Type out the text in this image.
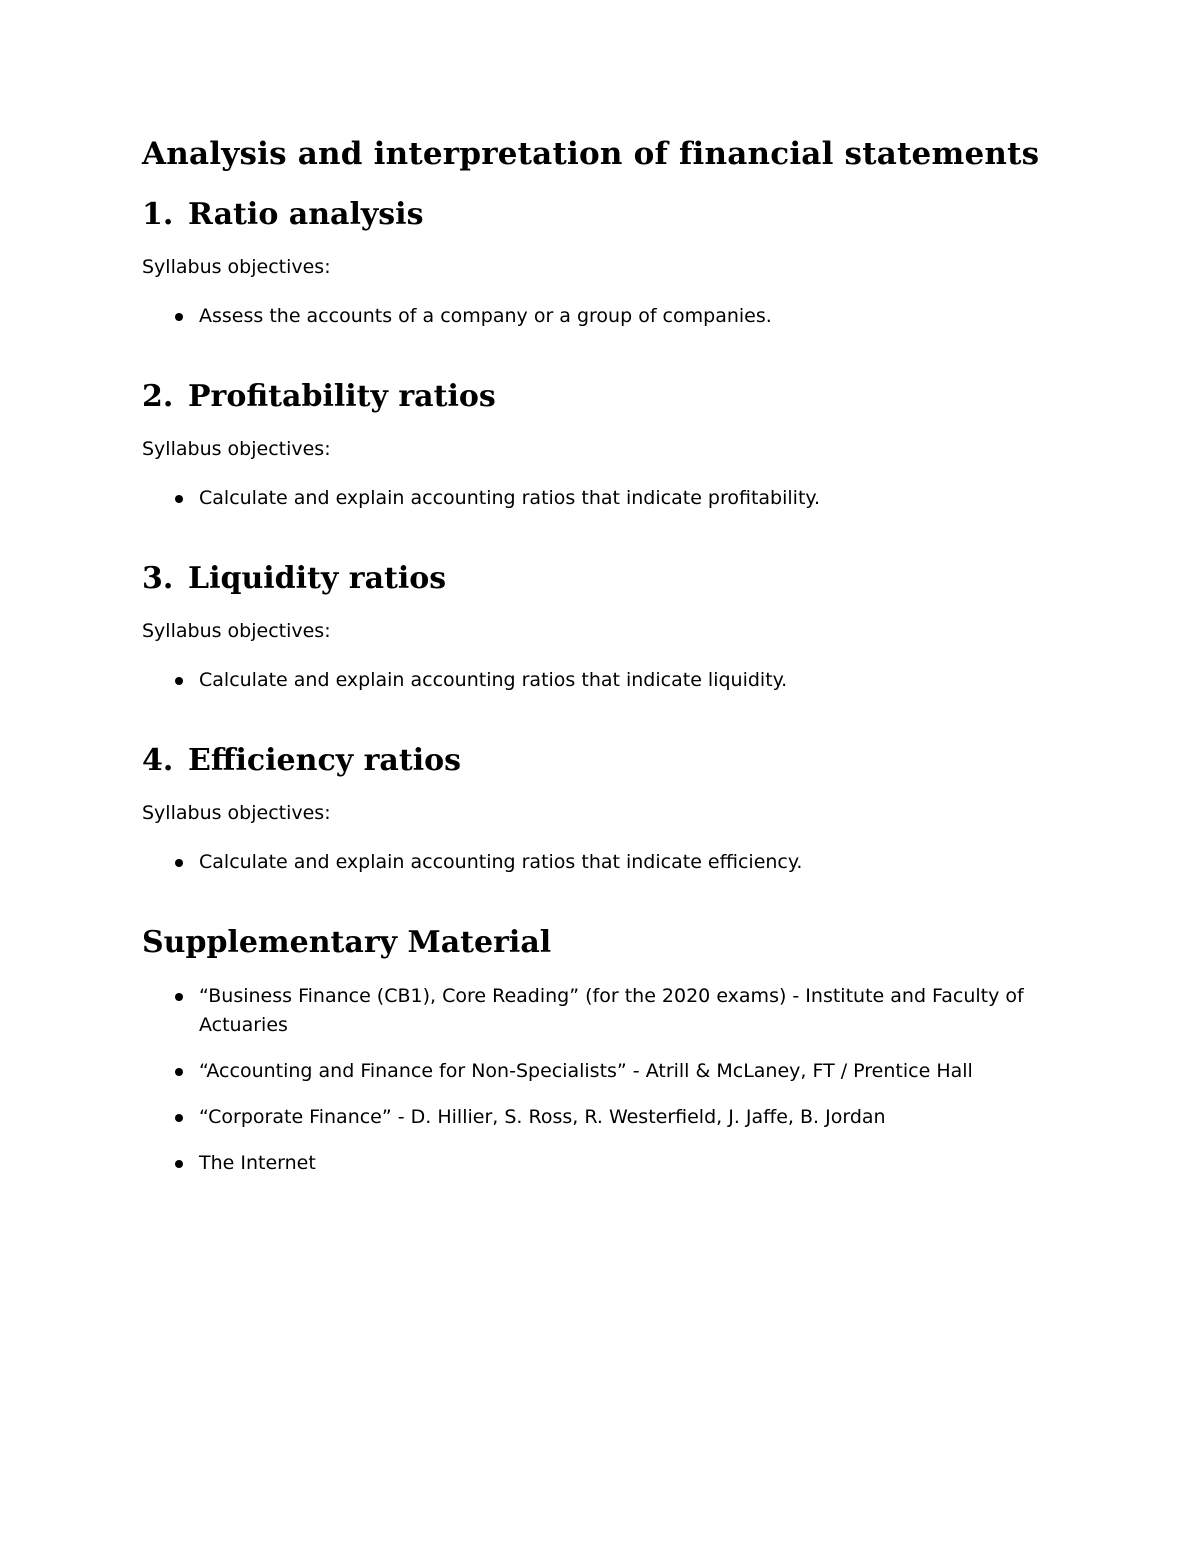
Analysis and interpretation of financial statements
1. Ratio analysis

Syllabus objectives:

Assess the accounts of a company or a group of companies.
2. Profitability ratios

Syllabus objectives:

Calculate and explain accounting ratios that indicate profitability.
3. Liquidity ratios

Syllabus objectives:

Calculate and explain accounting ratios that indicate liquidity.
4. Efficiency ratios

Syllabus objectives:

Calculate and explain accounting ratios that indicate efficiency.
Supplementary Material
“Business Finance (CB1), Core Reading” (for the 2020 exams) - Institute and Faculty of Actuaries
“Accounting and Finance for Non-Specialists” - Atrill & McLaney, FT / Prentice Hall
“Corporate Finance” - D. Hillier, S. Ross, R. Westerfield, J. Jaffe, B. Jordan
The Internet
